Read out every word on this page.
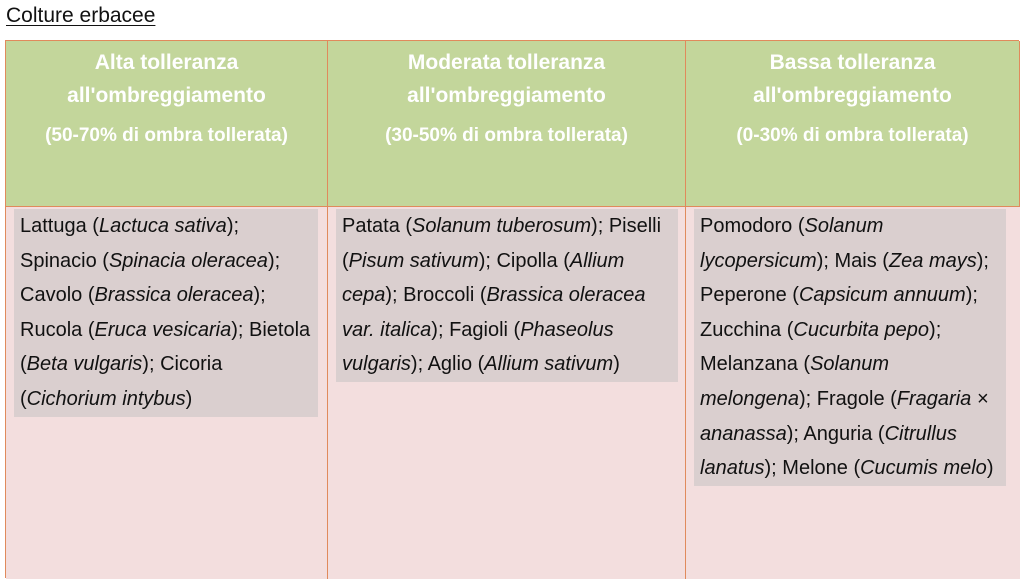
Colture erbacee
Alta tolleranza all'ombreggiamento
(50-70% di ombra tollerata)
Moderata tolleranza all'ombreggiamento
(30-50% di ombra tollerata)
Bassa tolleranza all'ombreggiamento
(0-30% di ombra tollerata)
Lattuga (Lactuca sativa); Spinacio (Spinacia oleracea); Cavolo (Brassica oleracea); Rucola (Eruca vesicaria); Bietola (Beta vulgaris); Cicoria (Cichorium intybus)
Patata (Solanum tuberosum); Piselli (Pisum sativum); Cipolla (Allium cepa); Broccoli (Brassica oleracea var. italica); Fagioli (Phaseolus vulgaris); Aglio (Allium sativum)
Pomodoro (Solanum lycopersicum); Mais (Zea mays); Peperone (Capsicum annuum); Zucchina (Cucurbita pepo); Melanzana (Solanum melongena); Fragole (Fragaria × ananassa); Anguria (Citrullus lanatus); Melone (Cucumis melo)
